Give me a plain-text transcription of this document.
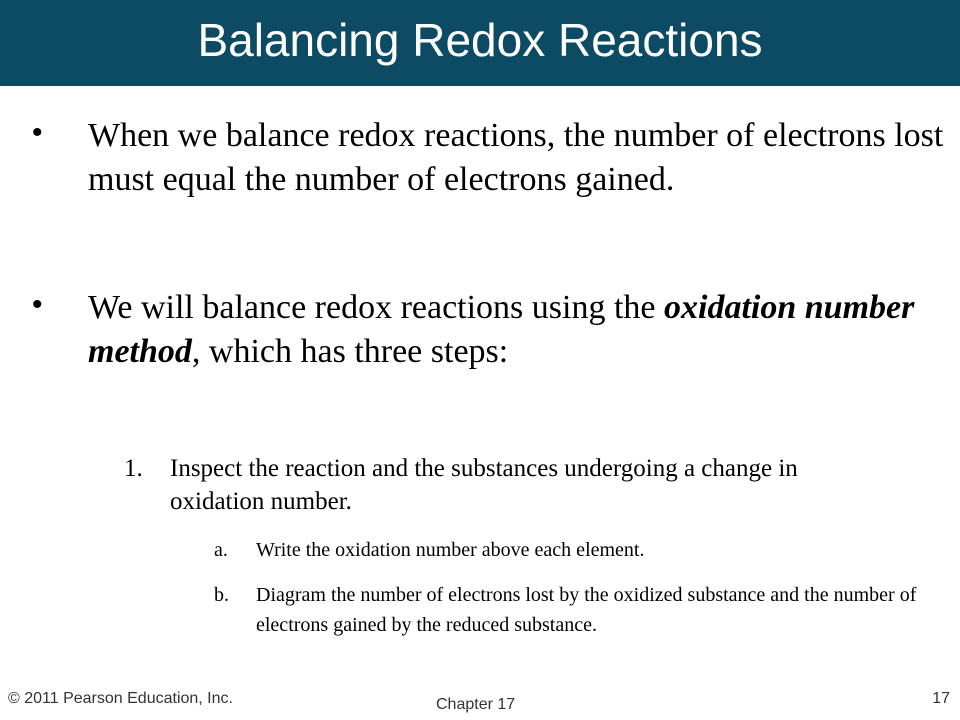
Balancing Redox Reactions
• When we balance redox reactions, the number of electrons lost must equal the number of electrons gained.
• We will balance redox reactions using the oxidation number method, which has three steps:
1. Inspect the reaction and the substances undergoing a change in oxidation number.
a. Write the oxidation number above each element.
b. Diagram the number of electrons lost by the oxidized substance and the number of electrons gained by the reduced substance.
© 2011 Pearson Education, Inc.	Chapter 17	17
